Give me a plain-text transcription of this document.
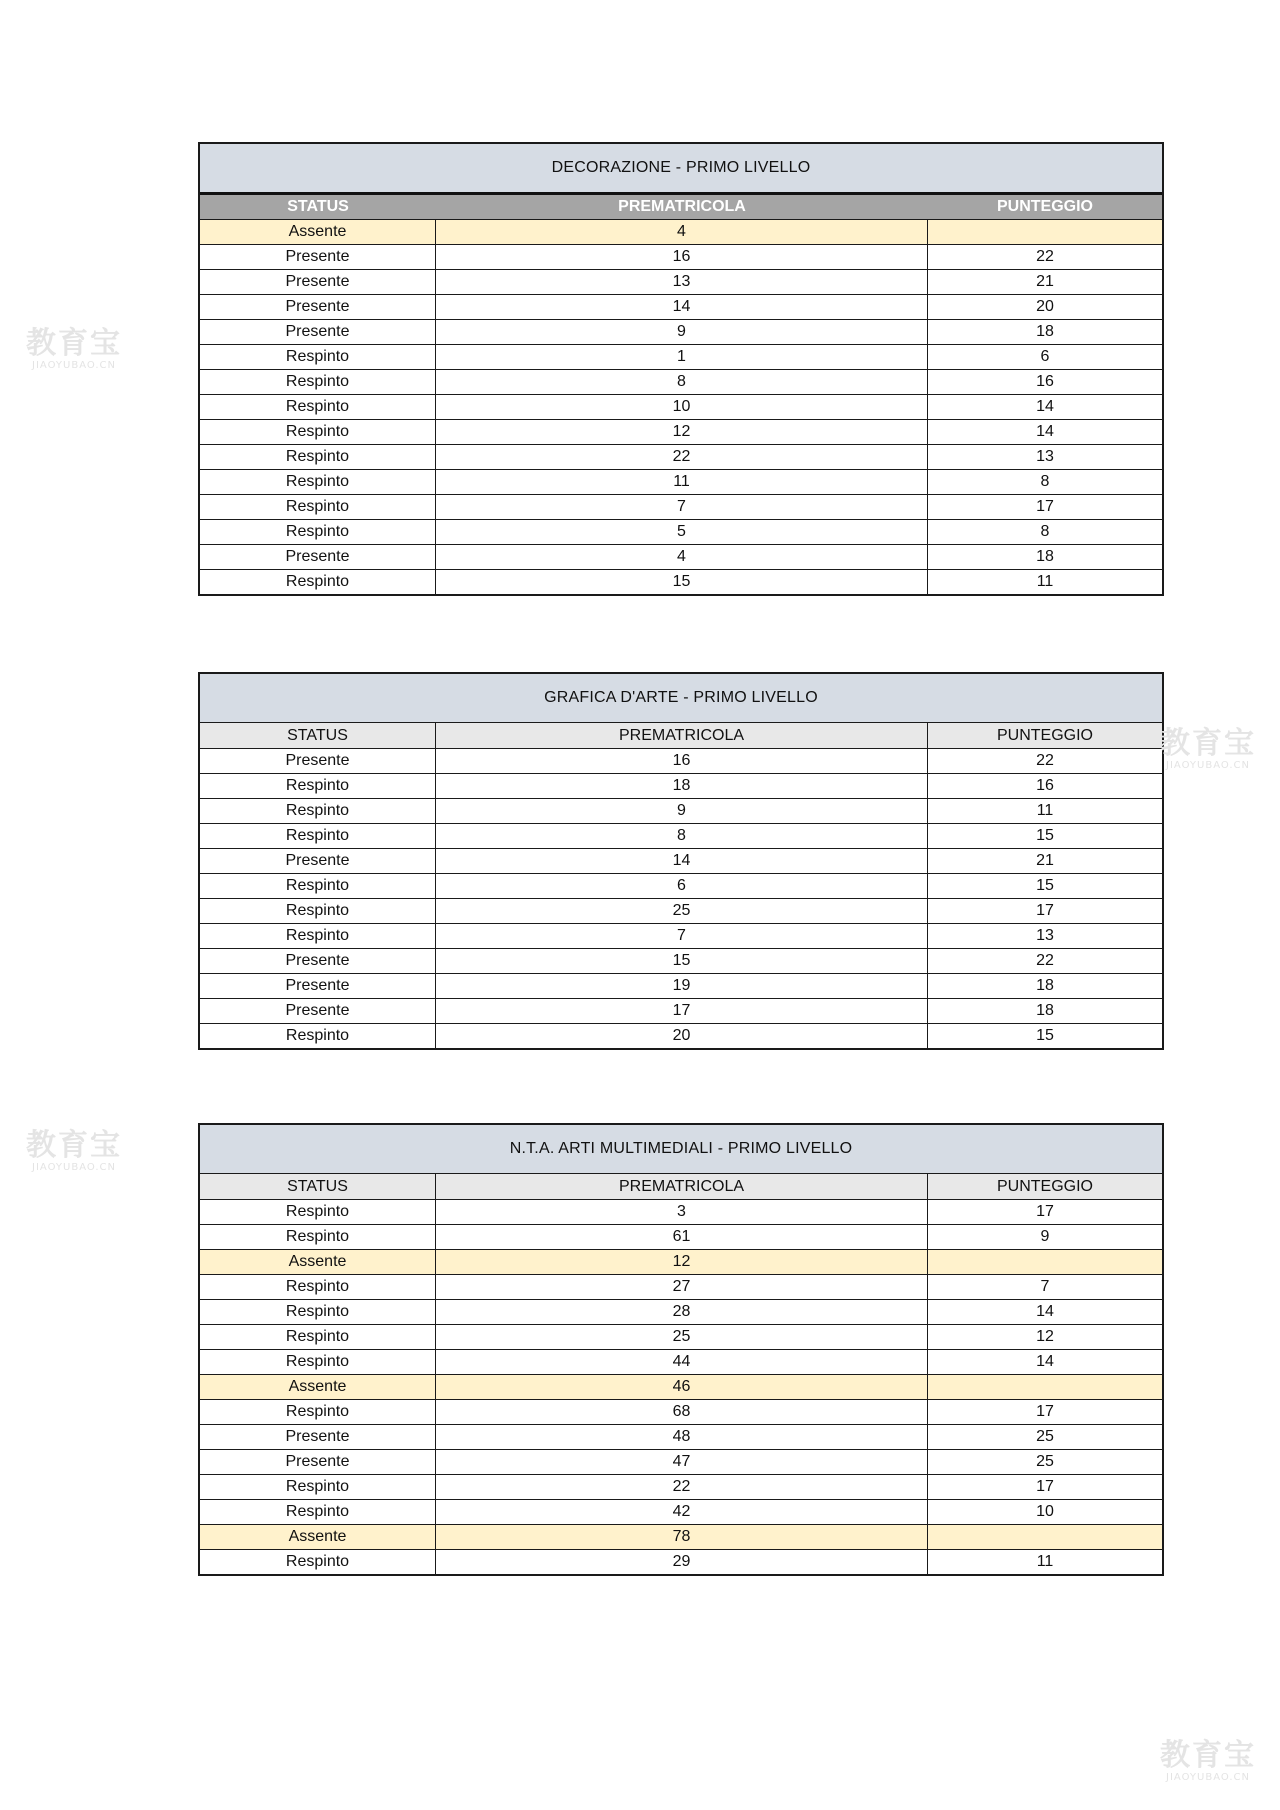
DECORAZIONE - PRIMO LIVELLO
STATUS	PREMATRICOLA	PUNTEGGIO
Assente	4
Presente	16	22
Presente	13	21
Presente	14	20
Presente	9	18
Respinto	1	6
Respinto	8	16
Respinto	10	14
Respinto	12	14
Respinto	22	13
Respinto	11	8
Respinto	7	17
Respinto	5	8
Presente	4	18
Respinto	15	11
GRAFICA D'ARTE - PRIMO LIVELLO
STATUS	PREMATRICOLA	PUNTEGGIO
Presente	16	22
Respinto	18	16
Respinto	9	11
Respinto	8	15
Presente	14	21
Respinto	6	15
Respinto	25	17
Respinto	7	13
Presente	15	22
Presente	19	18
Presente	17	18
Respinto	20	15
N.T.A. ARTI MULTIMEDIALI - PRIMO LIVELLO
STATUS	PREMATRICOLA	PUNTEGGIO
Respinto	3	17
Respinto	61	9
Assente	12
Respinto	27	7
Respinto	28	14
Respinto	25	12
Respinto	44	14
Assente	46
Respinto	68	17
Presente	48	25
Presente	47	25
Respinto	22	17
Respinto	42	10
Assente	78
Respinto	29	11
教育宝
JIAOYUBAO.CN
教育宝
JIAOYUBAO.CN
教育宝
JIAOYUBAO.CN
教育宝
JIAOYUBAO.CN
